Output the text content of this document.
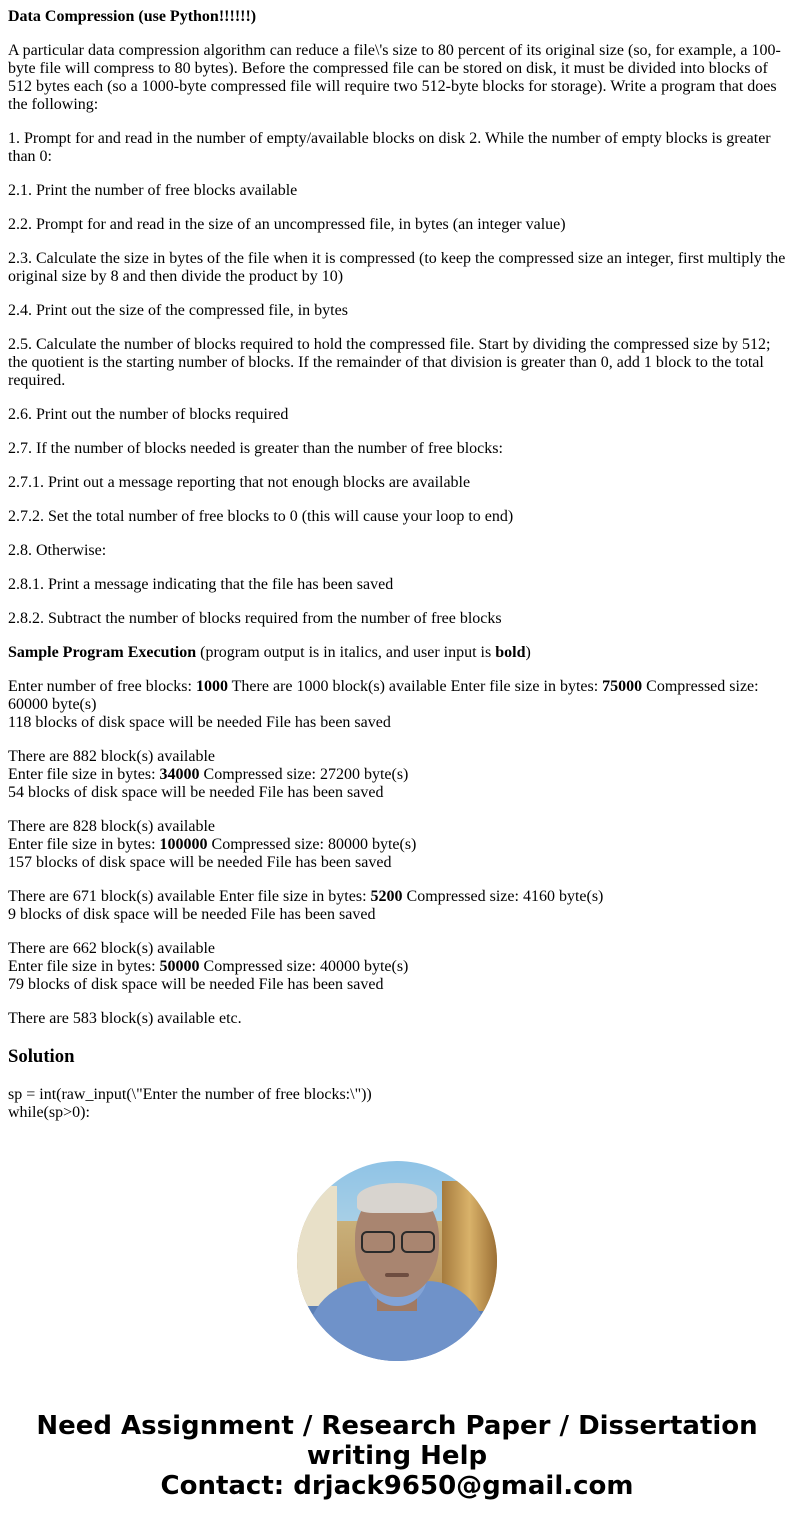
Data Compression (use Python!!!!!!)

A particular data compression algorithm can reduce a file\'s size to 80 percent of its original size (so, for example, a 100-byte file will compress to 80 bytes). Before the compressed file can be stored on disk, it must be divided into blocks of 512 bytes each (so a 1000-byte compressed file will require two 512-byte blocks for storage). Write a program that does the following:

1. Prompt for and read in the number of empty/available blocks on disk 2. While the number of empty blocks is greater than 0:

2.1. Print the number of free blocks available

2.2. Prompt for and read in the size of an uncompressed file, in bytes (an integer value)

2.3. Calculate the size in bytes of the file when it is compressed (to keep the compressed size an integer, first multiply the original size by 8 and then divide the product by 10)

2.4. Print out the size of the compressed file, in bytes

2.5. Calculate the number of blocks required to hold the compressed file. Start by dividing the compressed size by 512; the quotient is the starting number of blocks. If the remainder of that division is greater than 0, add 1 block to the total required.

2.6. Print out the number of blocks required

2.7. If the number of blocks needed is greater than the number of free blocks:

2.7.1. Print out a message reporting that not enough blocks are available

2.7.2. Set the total number of free blocks to 0 (this will cause your loop to end)

2.8. Otherwise:

2.8.1. Print a message indicating that the file has been saved

2.8.2. Subtract the number of blocks required from the number of free blocks

Sample Program Execution (program output is in italics, and user input is bold)

Enter number of free blocks: 1000 There are 1000 block(s) available Enter file size in bytes: 75000 Compressed size: 60000 byte(s)
118 blocks of disk space will be needed File has been saved

There are 882 block(s) available
Enter file size in bytes: 34000 Compressed size: 27200 byte(s)
54 blocks of disk space will be needed File has been saved

There are 828 block(s) available
Enter file size in bytes: 100000 Compressed size: 80000 byte(s)
157 blocks of disk space will be needed File has been saved

There are 671 block(s) available Enter file size in bytes: 5200 Compressed size: 4160 byte(s)
9 blocks of disk space will be needed File has been saved

There are 662 block(s) available
Enter file size in bytes: 50000 Compressed size: 40000 byte(s)
79 blocks of disk space will be needed File has been saved

There are 583 block(s) available etc.

Solution

sp = int(raw_input(\"Enter the number of free blocks:\"))
while(sp>0):

Need Assignment / Research Paper / Dissertation
writing Help
Contact: drjack9650@gmail.com
